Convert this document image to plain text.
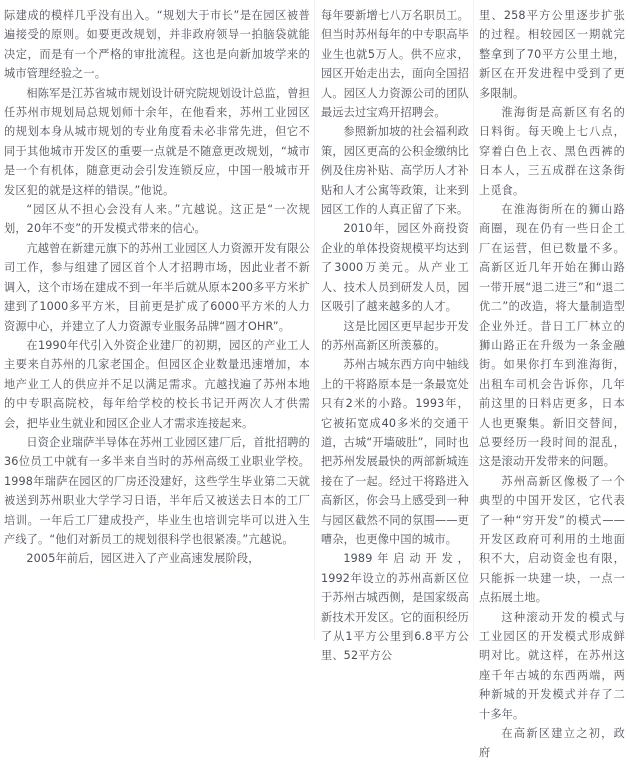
际建成的模样几乎没有出入。“规划大于市长”是在园区被普遍接受的原则。如要更改规划，并非政府领导一拍脑袋就能决定，而是有一个严格的审批流程。这也是向新加坡学来的城市管理经验之一。

相陈军是江苏省城市规划设计研究院规划设计总监，曾担任苏州市规划局总规划师十余年，在他看来，苏州工业园区的规划本身从城市规划的专业角度看未必非常先进，但它不同于其他城市开发区的重要一点就是不随意更改规划，“城市是一个有机体，随意更动会引发连锁反应，中国一般城市开发区犯的就是这样的错误。”他说。

“园区从不担心会没有人来。”亢越说。这正是“一次规划，20年不变”的开发模式带来的信心。

亢越曾在新建元旗下的苏州工业园区人力资源开发有限公司工作，参与组建了园区首个人才招聘市场，因此业者不新调入，这个市场在建成不到一年半后就从原本200多平方米扩建到了1000多平方米，目前更是扩成了6000平方米的人力资源中心，并建立了人力资源专业服务品牌“圆才OHR”。

在1990年代引入外资企业建厂的初期，园区的产业工人主要来自苏州的几家老国企。但园区企业数量迅速增加，本地产业工人的供应并不足以满足需求。亢越找遍了苏州本地的中专职高院校，每年给学校的校长书记开两次人才供需会，把毕业生就业和园区企业人才需求连接起来。

日资企业瑞萨半导体在苏州工业园区建厂后，首批招聘的36位员工中就有一多半来自当时的苏州高级工业职业学校。1998年瑞萨在园区的厂房还没建好，这些学生毕业第二天就被送到苏州职业大学学习日语，半年后又被送去日本的工厂培训。一年后工厂建成投产，毕业生也培训完毕可以进入生产线了。“他们对新员工的规划很科学也很紧凑。”亢越说。

2005年前后，园区进入了产业高速发展阶段，

每年要新增七八万名职员工。但当时苏州每年的中专职高毕业生也就5万人。供不应求，园区开始走出去，面向全国招人。园区人力资源公司的团队最远去过宝鸡开招聘会。

参照新加坡的社会福利政策，园区更高的公积金缴纳比例及住房补贴、高学历人才补贴和人才公寓等政策，让来到园区工作的人真正留了下来。

2010年，园区外商投资企业的单体投资规模平均达到了3000万美元。从产业工人、技术人员到研发人员，园区吸引了越来越多的人才。

这是比园区更早起步开发的苏州高新区所羡慕的。

苏州古城东西方向中轴线上的干将路原本是一条最宽处只有2米的小路。1993年，它被拓宽成40多米的交通干道，古城“开墙破肚”，同时也把苏州发展最快的两部新城连接在了一起。经过干将路进入高新区，你会马上感受到一种与园区截然不同的氛围——更嘈杂，也更像中国的城市。

1989年启动开发，1992年设立的苏州高新区位于苏州古城西侧，是国家级高新技术开发区。它的面积经历了从1平方公里到6.8平方公里、52平方公

里、258平方公里逐步扩张的过程。相较园区一期就完整拿到了70平方公里土地，新区在开发进程中受到了更多限制。

淮海街是高新区有名的日料街。每天晚上七八点，穿着白色上衣、黑色西裤的日本人，三五成群在这条街上觅食。

在淮海街所在的狮山路商圈，现在仍有一些日企工厂在运营，但已数量不多。高新区近几年开始在狮山路一带开展“退二进三”和“退二优二”的改造，将大量制造型企业外迁。昔日工厂林立的狮山路正在升级为一条金融街。如果你打车到淮海街，出租车司机会告诉你，几年前这里的日料店更多，日本人也更聚集。新旧交替间，总要经历一段时间的混乱，这是滚动开发带来的问题。

苏州高新区像极了一个典型的中国开发区，它代表了一种“穷开发”的模式——开发区政府可利用的土地面积不大，启动资金也有限，只能拆一块建一块，一点一点拓展土地。

这种滚动开发的模式与工业园区的开发模式形成鲜明对比。就这样，在苏州这座千年古城的东西两端，两种新城的开发模式并存了二十多年。

在高新区建立之初，政府
